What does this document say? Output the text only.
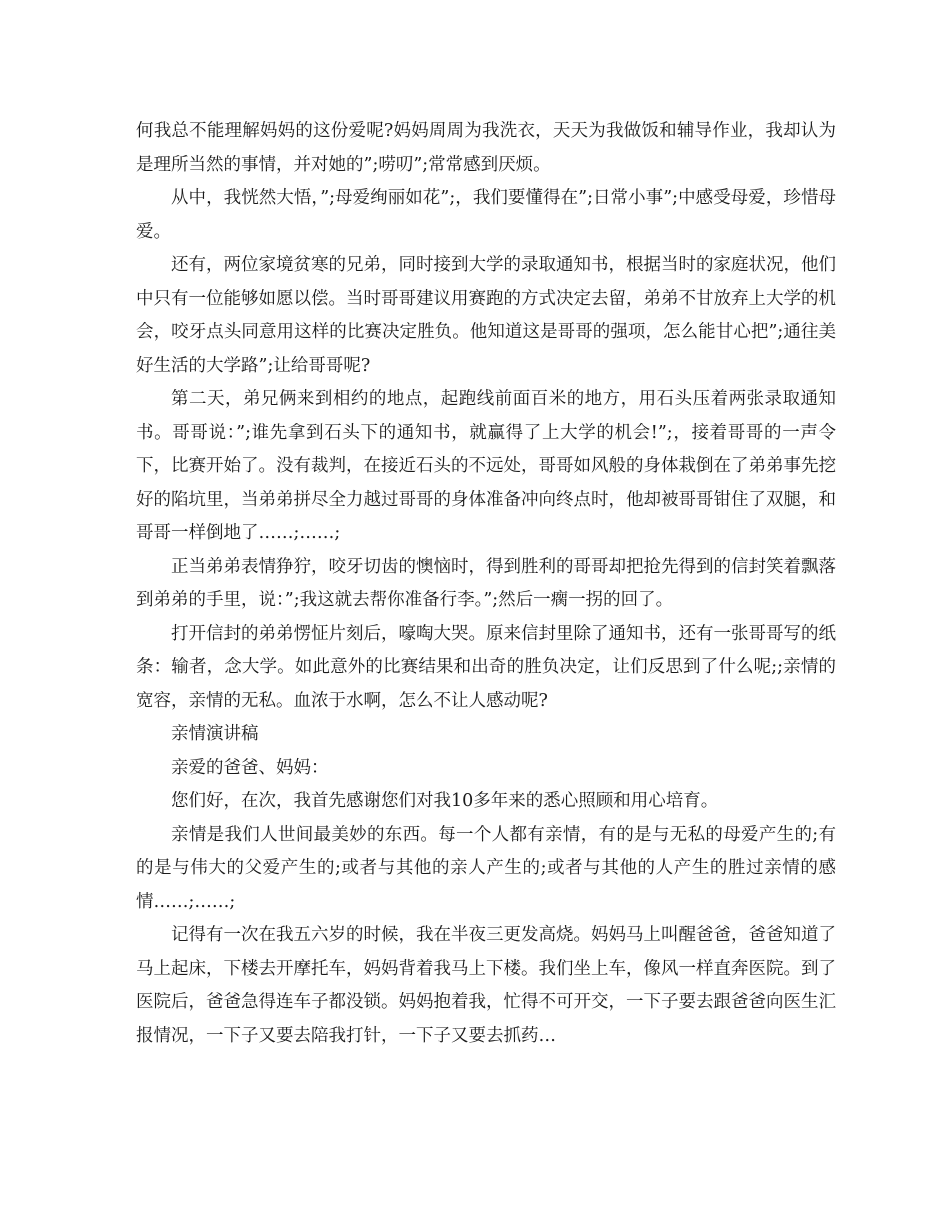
何我总不能理解妈妈的这份爱呢?妈妈周周为我洗衣，天天为我做饭和辅导作业，我却认为是理所当然的事情，并对她的”;唠叨”;常常感到厌烦。

从中，我恍然大悟，”;母爱绚丽如花”;，我们要懂得在”;日常小事”;中感受母爱，珍惜母爱。

还有，两位家境贫寒的兄弟，同时接到大学的录取通知书，根据当时的家庭状况，他们中只有一位能够如愿以偿。当时哥哥建议用赛跑的方式决定去留，弟弟不甘放弃上大学的机会，咬牙点头同意用这样的比赛决定胜负。他知道这是哥哥的强项，怎么能甘心把”;通往美好生活的大学路”;让给哥哥呢?

第二天，弟兄俩来到相约的地点，起跑线前面百米的地方，用石头压着两张录取通知书。哥哥说：”;谁先拿到石头下的通知书，就赢得了上大学的机会!”;，接着哥哥的一声令下，比赛开始了。没有裁判，在接近石头的不远处，哥哥如风般的身体栽倒在了弟弟事先挖好的陷坑里，当弟弟拼尽全力越过哥哥的身体准备冲向终点时，他却被哥哥钳住了双腿，和哥哥一样倒地了……;……;

正当弟弟表情狰狞，咬牙切齿的懊恼时，得到胜利的哥哥却把抢先得到的信封笑着飘落到弟弟的手里，说：”;我这就去帮你准备行李。”;然后一瘸一拐的回了。

打开信封的弟弟愣怔片刻后，嚎啕大哭。原来信封里除了通知书，还有一张哥哥写的纸条：输者，念大学。如此意外的比赛结果和出奇的胜负决定，让们反思到了什么呢;;亲情的宽容，亲情的无私。血浓于水啊，怎么不让人感动呢?

亲情演讲稿

亲爱的爸爸、妈妈：

您们好，在次，我首先感谢您们对我10多年来的悉心照顾和用心培育。

亲情是我们人世间最美妙的东西。每一个人都有亲情，有的是与无私的母爱产生的;有的是与伟大的父爱产生的;或者与其他的亲人产生的;或者与其他的人产生的胜过亲情的感情……;……;

记得有一次在我五六岁的时候，我在半夜三更发高烧。妈妈马上叫醒爸爸，爸爸知道了马上起床，下楼去开摩托车，妈妈背着我马上下楼。我们坐上车，像风一样直奔医院。到了医院后，爸爸急得连车子都没锁。妈妈抱着我，忙得不可开交，一下子要去跟爸爸向医生汇报情况，一下子又要去陪我打针，一下子又要去抓药…
